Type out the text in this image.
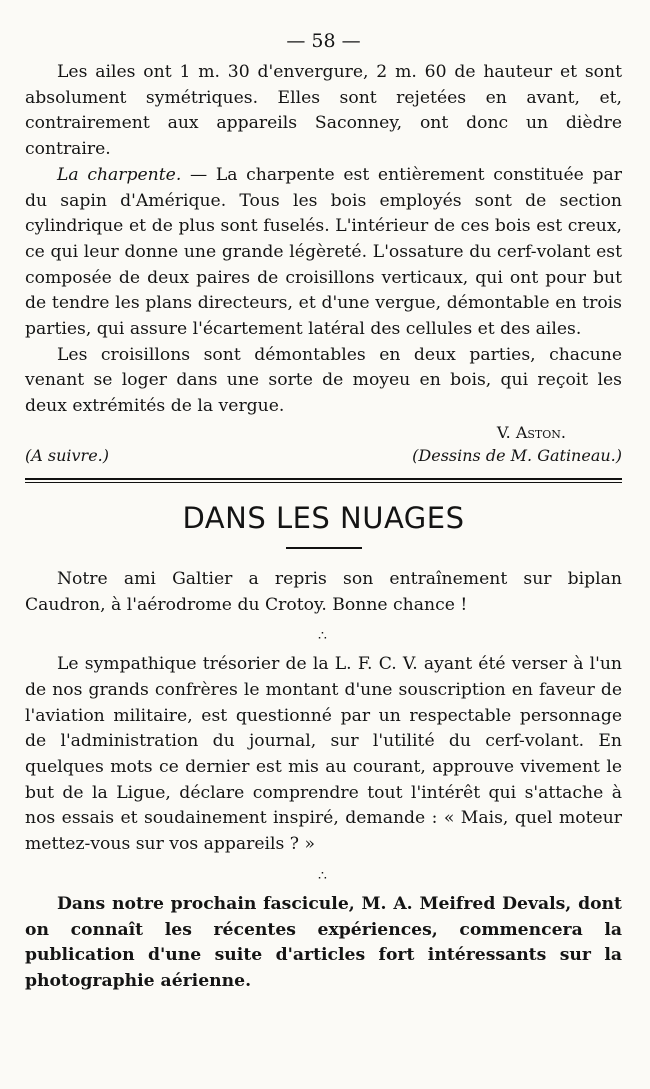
— 58 —

Les ailes ont 1 m. 30 d'envergure, 2 m. 60 de hauteur et sont absolument symétriques. Elles sont rejetées en avant, et, contrairement aux appareils Saconney, ont donc un dièdre contraire.

La charpente. — La charpente est entièrement constituée par du sapin d'Amérique. Tous les bois employés sont de section cylindrique et de plus sont fuselés. L'intérieur de ces bois est creux, ce qui leur donne une grande légèreté. L'ossature du cerf-volant est composée de deux paires de croisillons verticaux, qui ont pour but de tendre les plans directeurs, et d'une vergue, démontable en trois parties, qui assure l'écartement latéral des cellules et des ailes.

Les croisillons sont démontables en deux parties, chacune venant se loger dans une sorte de moyeu en bois, qui reçoit les deux extrémités de la vergue.

V. Aston.
(A suivre.)	(Dessins de M. Gatineau.)
DANS LES NUAGES

Notre ami Galtier a repris son entraînement sur biplan Caudron, à l'aérodrome du Crotoy. Bonne chance !

∴

Le sympathique trésorier de la L. F. C. V. ayant été verser à l'un de nos grands confrères le montant d'une souscription en faveur de l'aviation militaire, est questionné par un respectable personnage de l'administration du journal, sur l'utilité du cerf-volant. En quelques mots ce dernier est mis au courant, approuve vivement le but de la Ligue, déclare comprendre tout l'intérêt qui s'attache à nos essais et soudainement inspiré, demande : « Mais, quel moteur mettez-vous sur vos appareils ? »

∴

Dans notre prochain fascicule, M. A. Meifred Devals, dont on connaît les récentes expériences, commencera la publication d'une suite d'articles fort intéressants sur la photographie aérienne.
